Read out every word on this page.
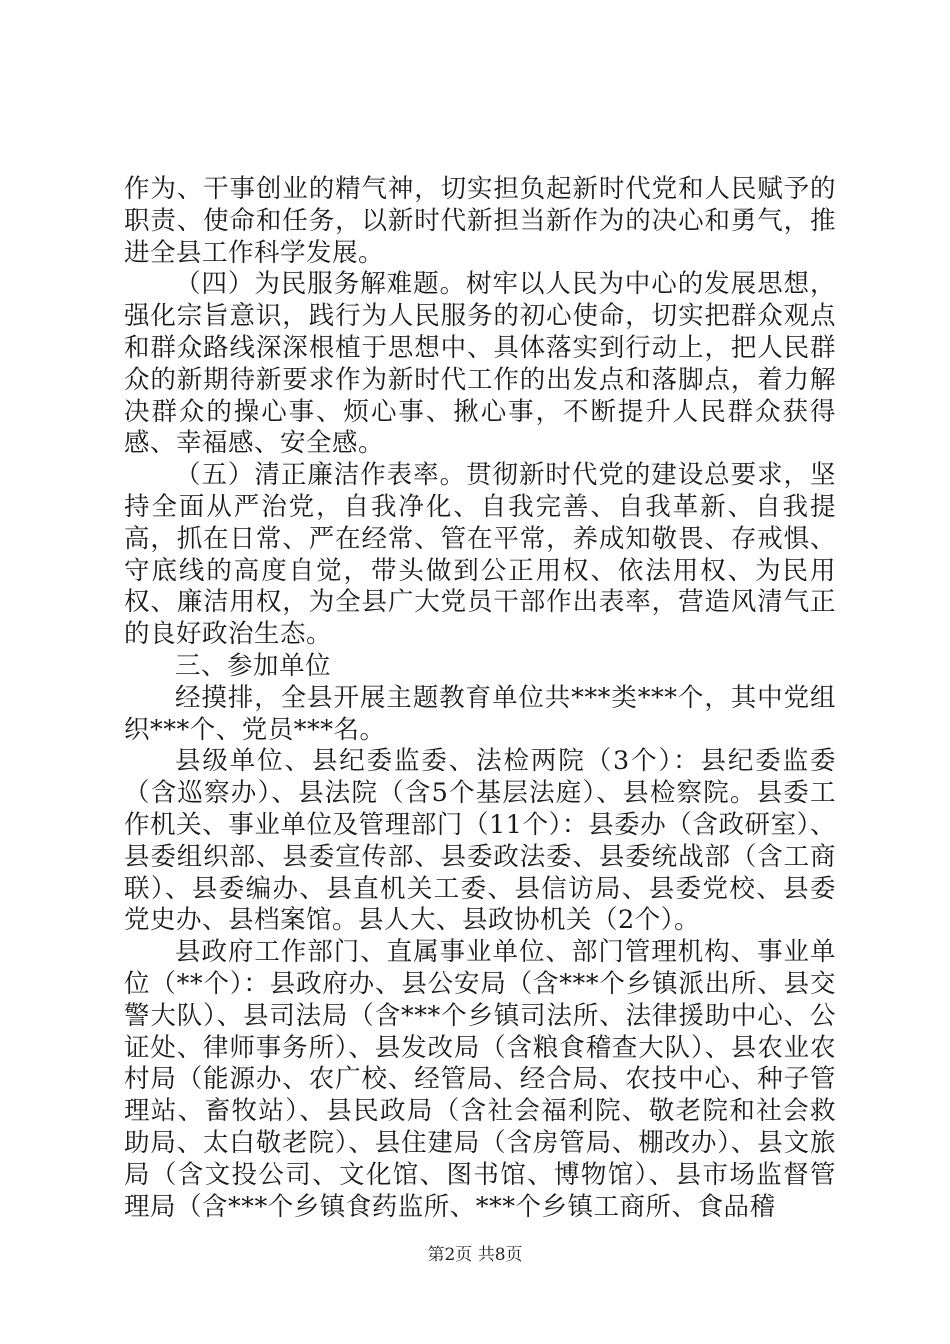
作为、干事创业的精气神，切实担负起新时代党和人民赋予的职责、使命和任务，以新时代新担当新作为的决心和勇气，推进全县工作科学发展。

（四）为民服务解难题。树牢以人民为中心的发展思想，强化宗旨意识，践行为人民服务的初心使命，切实把群众观点和群众路线深深根植于思想中、具体落实到行动上，把人民群众的新期待新要求作为新时代工作的出发点和落脚点，着力解决群众的操心事、烦心事、揪心事，不断提升人民群众获得感、幸福感、安全感。

（五）清正廉洁作表率。贯彻新时代党的建设总要求，坚持全面从严治党，自我净化、自我完善、自我革新、自我提高，抓在日常、严在经常、管在平常，养成知敬畏、存戒惧、守底线的高度自觉，带头做到公正用权、依法用权、为民用权、廉洁用权，为全县广大党员干部作出表率，营造风清气正的良好政治生态。

三、参加单位

经摸排，全县开展主题教育单位共***类***个，其中党组织***个、党员***名。

县级单位、县纪委监委、法检两院（3个）：县纪委监委（含巡察办）、县法院（含5个基层法庭）、县检察院。县委工作机关、事业单位及管理部门（11个）：县委办（含政研室）、县委组织部、县委宣传部、县委政法委、县委统战部（含工商联）、县委编办、县直机关工委、县信访局、县委党校、县委党史办、县档案馆。县人大、县政协机关（2个）。

县政府工作部门、直属事业单位、部门管理机构、事业单位（**个）：县政府办、县公安局（含***个乡镇派出所、县交警大队）、县司法局（含***个乡镇司法所、法律援助中心、公证处、律师事务所）、县发改局（含粮食稽查大队）、县农业农村局（能源办、农广校、经管局、经合局、农技中心、种子管理站、畜牧站）、县民政局（含社会福利院、敬老院和社会救助局、太白敬老院）、县住建局（含房管局、棚改办）、县文旅局（含文投公司、文化馆、图书馆、博物馆）、县市场监督管理局（含***个乡镇食药监所、***个乡镇工商所、食品稽

第2页 共8页
